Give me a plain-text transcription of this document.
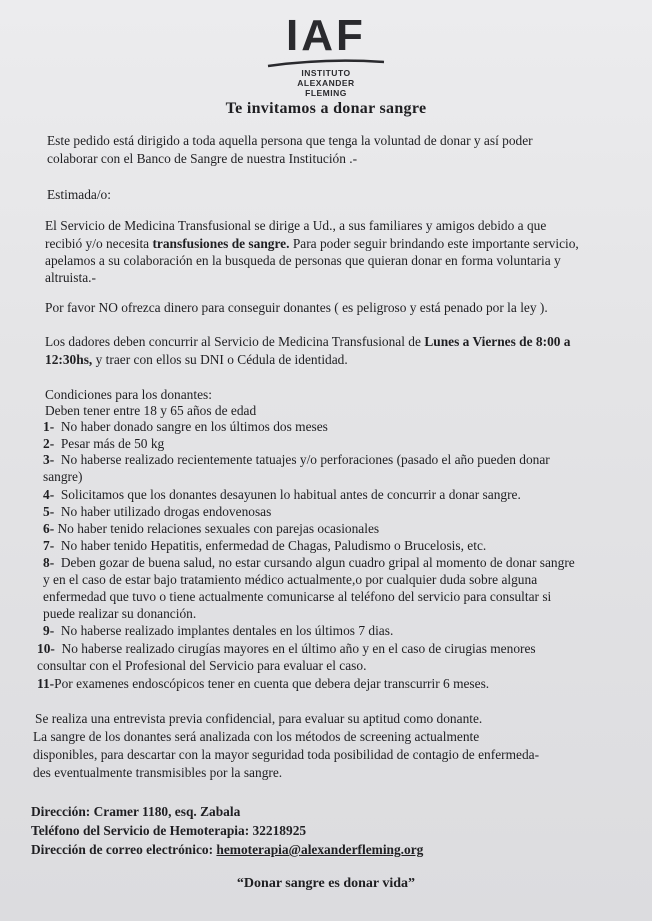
IAF
INSTITUTO
ALEXANDER
FLEMING
Te invitamos a donar sangre
Este pedido está dirigido a toda aquella persona que tenga la voluntad de donar y así poder
colaborar con el Banco de Sangre de nuestra Institución .-
Estimada/o:
El Servicio de Medicina Transfusional se dirige a Ud., a sus familiares y amigos debido a que
recibió y/o necesita transfusiones de sangre. Para poder seguir brindando este importante servicio,
apelamos a su colaboración en la busqueda de personas que quieran donar en forma voluntaria y
altruista.-
Por favor NO ofrezca dinero para conseguir donantes ( es peligroso y está penado por la ley ).
Los dadores deben concurrir al Servicio de Medicina Transfusional de Lunes a Viernes de 8:00 a
12:30hs, y traer con ellos su DNI o Cédula de identidad.
Condiciones para los donantes:
Deben tener entre 18 y 65 años de edad
1-  No haber donado sangre en los últimos dos meses
2-  Pesar más de 50 kg
3-  No haberse realizado recientemente tatuajes y/o perforaciones (pasado el año pueden donar
sangre)
4-  Solicitamos que los donantes desayunen lo habitual antes de concurrir a donar sangre.
5-  No haber utilizado drogas endovenosas
6- No haber tenido relaciones sexuales con parejas ocasionales
7-  No haber tenido Hepatitis, enfermedad de Chagas, Paludismo o Brucelosis, etc.
8-  Deben gozar de buena salud, no estar cursando algun cuadro gripal al momento de donar sangre
y en el caso de estar bajo tratamiento médico actualmente,o por cualquier duda sobre alguna
enfermedad que tuvo o tiene actualmente comunicarse al teléfono del servicio para consultar si
puede realizar su donanción.
9-  No haberse realizado implantes dentales en los últimos 7 dias.
10-  No haberse realizado cirugías mayores en el último año y en el caso de cirugias menores
consultar con el Profesional del Servicio para evaluar el caso.
11-Por examenes endoscópicos tener en cuenta que debera dejar transcurrir 6 meses.
Se realiza una entrevista previa confidencial, para evaluar su aptitud como donante.
La sangre de los donantes será analizada con los métodos de screening actualmente
disponibles, para descartar con la mayor seguridad toda posibilidad de contagio de enfermeda-
des eventualmente transmisibles por la sangre.
Dirección: Cramer 1180, esq. Zabala
Teléfono del Servicio de Hemoterapia: 32218925
Dirección de correo electrónico: hemoterapia@alexanderfleming.org
“Donar sangre es donar vida”
